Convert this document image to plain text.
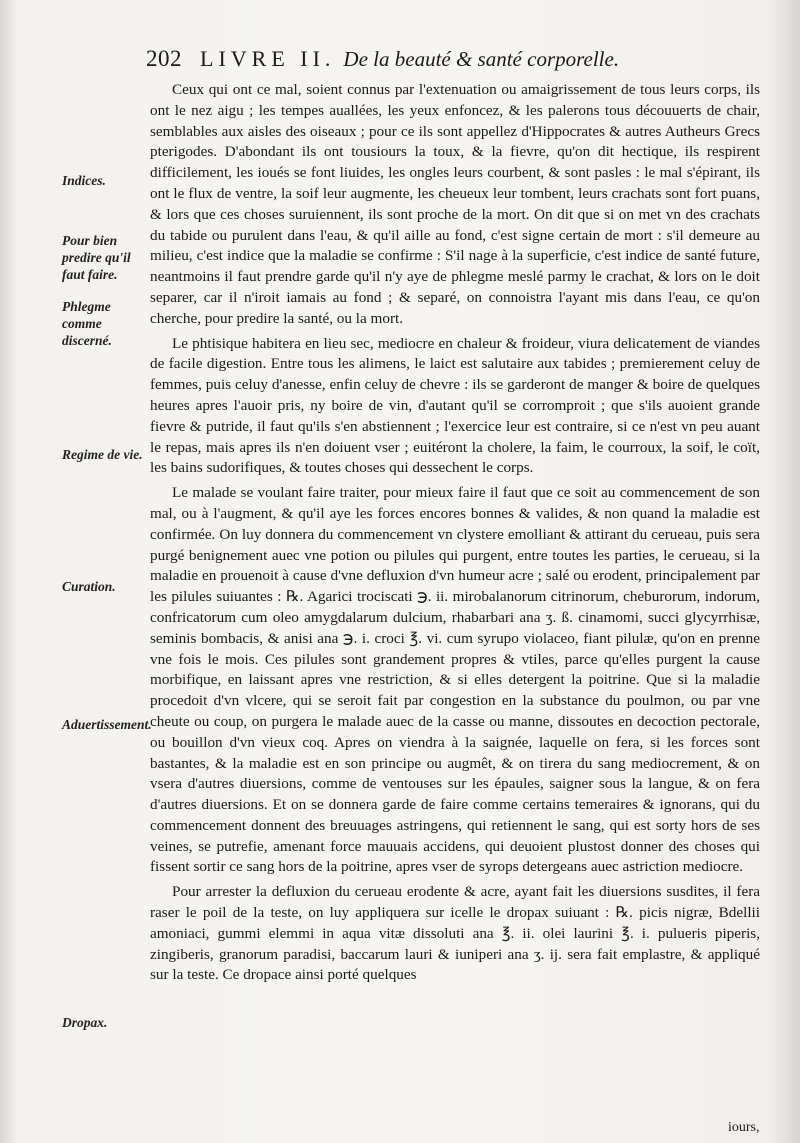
202 LIVRE II. De la beauté & santé corporelle.
Indices.
Pour bien predire qu'il faut faire.
Phlegme comme discerné.
Regime de vie.
Curation.
Aduertissement.
Dropax.

Ceux qui ont ce mal, soient connus par l'extenuation ou amaigrissement de tous leurs corps, ils ont le nez aigu ; les tempes auallées, les yeux enfoncez, & les palerons tous découuerts de chair, semblables aux aisles des oiseaux ; pour ce ils sont appellez d'Hippocrates & autres Autheurs Grecs pterigodes. D'abondant ils ont tousiours la toux, & la fievre, qu'on dit hectique, ils respirent difficilement, les ioués se font liuides, les ongles leurs courbent, & sont pasles : le mal s'épirant, ils ont le flux de ventre, la soif leur augmente, les cheueux leur tombent, leurs crachats sont fort puans, & lors que ces choses suruiennent, ils sont proche de la mort. On dit que si on met vn des crachats du tabide ou purulent dans l'eau, & qu'il aille au fond, c'est signe certain de mort : s'il demeure au milieu, c'est indice que la maladie se confirme : S'il nage à la superficie, c'est indice de santé future, neantmoins il faut prendre garde qu'il n'y aye de phlegme meslé parmy le crachat, & lors on le doit separer, car il n'iroit iamais au fond ; & separé, on connoistra l'ayant mis dans l'eau, ce qu'on cherche, pour predire la santé, ou la mort.

Le phtisique habitera en lieu sec, mediocre en chaleur & froideur, viura delicatement de viandes de facile digestion. Entre tous les alimens, le laict est salutaire aux tabides ; premierement celuy de femmes, puis celuy d'anesse, enfin celuy de chevre : ils se garderont de manger & boire de quelques heures apres l'auoir pris, ny boire de vin, d'autant qu'il se corromproit ; que s'ils auoient grande fievre & putride, il faut qu'ils s'en abstiennent ; l'exercice leur est contraire, si ce n'est vn peu auant le repas, mais apres ils n'en doiuent vser ; euitéront la cholere, la faim, le courroux, la soif, le coït, les bains sudorifiques, & toutes choses qui dessechent le corps.

Le malade se voulant faire traiter, pour mieux faire il faut que ce soit au commencement de son mal, ou à l'augment, & qu'il aye les forces encores bonnes & valides, & non quand la maladie est confirmée. On luy donnera du commencement vn clystere emolliant & attirant du cerueau, puis sera purgé benignement auec vne potion ou pilules qui purgent, entre toutes les parties, le cerueau, si la maladie en prouenoit à cause d'vne defluxion d'vn humeur acre ; salé ou erodent, principalement par les pilules suiuantes : ℞. Agarici trociscati ℈. ii. mirobalanorum citrinorum, cheburorum, indorum, confricatorum cum oleo amygdalarum dulcium, rhabarbari ana ʒ. ß. cinamomi, succi glycyrrhisæ, seminis bombacis, & anisi ana ℈. i. croci ℥. vi. cum syrupo violaceo, fiant pilulæ, qu'on en prenne vne fois le mois. Ces pilules sont grandement propres & vtiles, parce qu'elles purgent la cause morbifique, en laissant apres vne restriction, & si elles detergent la poitrine. Que si la maladie procedoit d'vn vlcere, qui se seroit fait par congestion en la substance du poulmon, ou par vne cheute ou coup, on purgera le malade auec de la casse ou manne, dissoutes en decoction pectorale, ou bouillon d'vn vieux coq. Apres on viendra à la saignée, laquelle on fera, si les forces sont bastantes, & la maladie est en son principe ou augmêt, & on tirera du sang mediocrement, & on vsera d'autres diuersions, comme de ventouses sur les épaules, saigner sous la langue, & on fera d'autres diuersions. Et on se donnera garde de faire comme certains temeraires & ignorans, qui du commencement donnent des breuuages astringens, qui retiennent le sang, qui est sorty hors de ses veines, se putrefie, amenant force mauuais accidens, qui deuoient plustost donner des choses qui fissent sortir ce sang hors de la poitrine, apres vser de syrops detergeans auec astriction mediocre.

Pour arrester la defluxion du cerueau erodente & acre, ayant fait les diuersions susdites, il fera raser le poil de la teste, on luy appliquera sur icelle le dropax suiuant : ℞. picis nigræ, Bdellii amoniaci, gummi elemmi in aqua vitæ dissoluti ana ℥. ii. olei laurini ℥. i. pulueris piperis, zingiberis, granorum paradisi, baccarum lauri & iuniperi ana ʒ. ij. sera fait emplastre, & appliqué sur la teste. Ce dropace ainsi porté quelques

iours,
